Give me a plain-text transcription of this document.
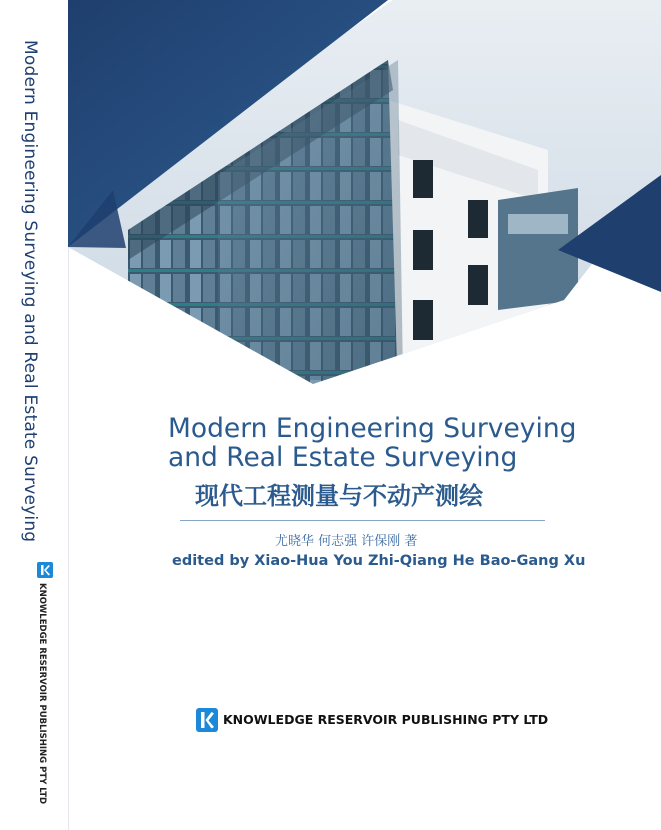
Modern Engineering Surveying and Real Estate Surveying
KNOWLEDGE RESERVOIR PUBLISHING PTY LTD

Modern Engineering Surveying

and Real Estate Surveying

现代工程测量与不动产测绘
尤晓华 何志强 许保刚 著
edited by Xiao-Hua You Zhi-Qiang He Bao-Gang Xu
KNOWLEDGE RESERVOIR PUBLISHING PTY LTD
